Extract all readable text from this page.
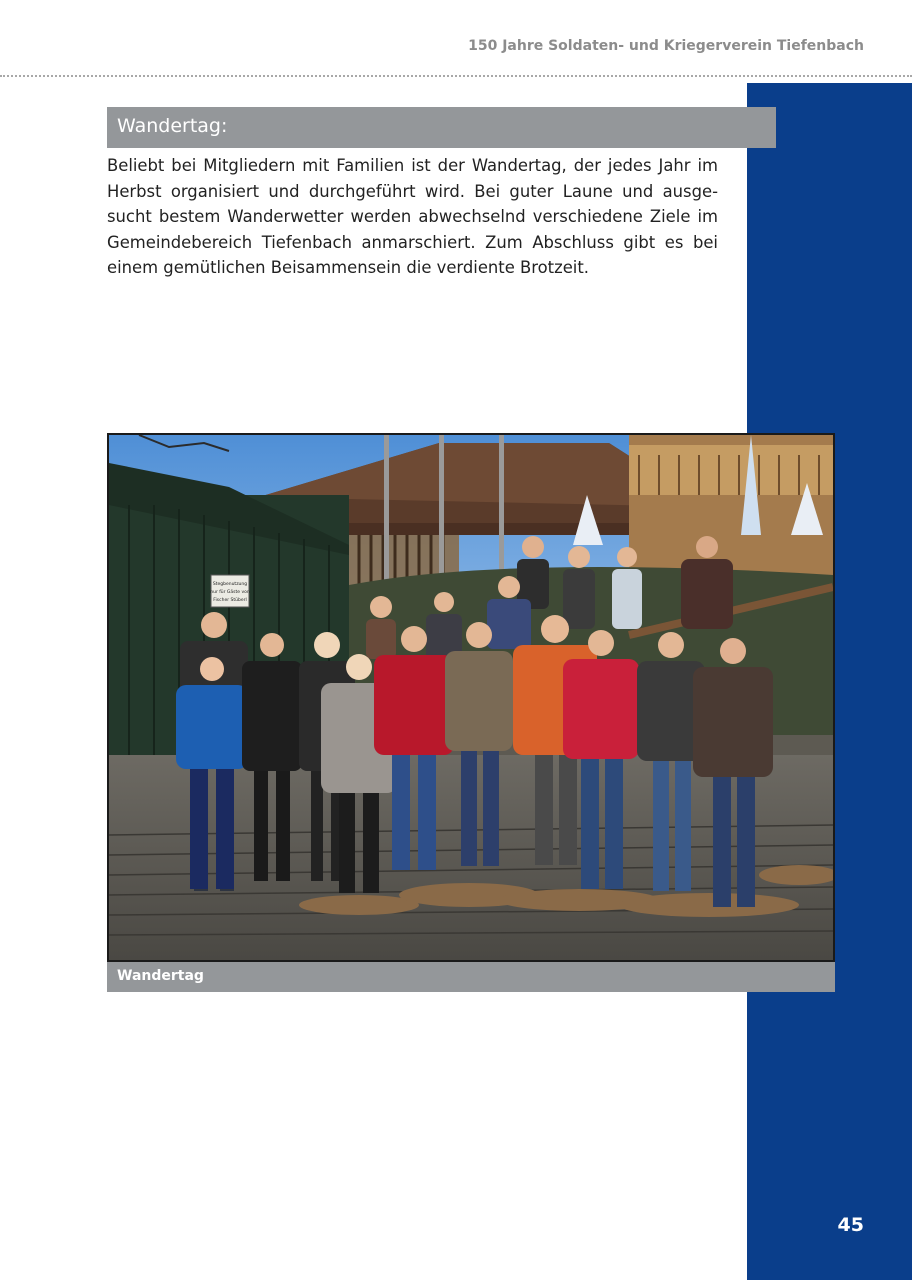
150 Jahre Soldaten- und Kriegerverein Tiefenbach
Wandertag:

Beliebt bei Mitgliedern mit Familien ist der Wandertag, der jedes Jahr im Herbst organisiert und durchgeführt wird. Bei guter Laune und ausge-sucht bestem Wanderwetter werden abwechselnd verschiedene Ziele im Gemeindebereich Tiefenbach anmarschiert. Zum Abschluss gibt es bei einem gemütlichen Beisammensein die verdiente Brotzeit.

Stegbenutzung
nur für Gäste von
Fischer Stüberl
Wandertag
45
